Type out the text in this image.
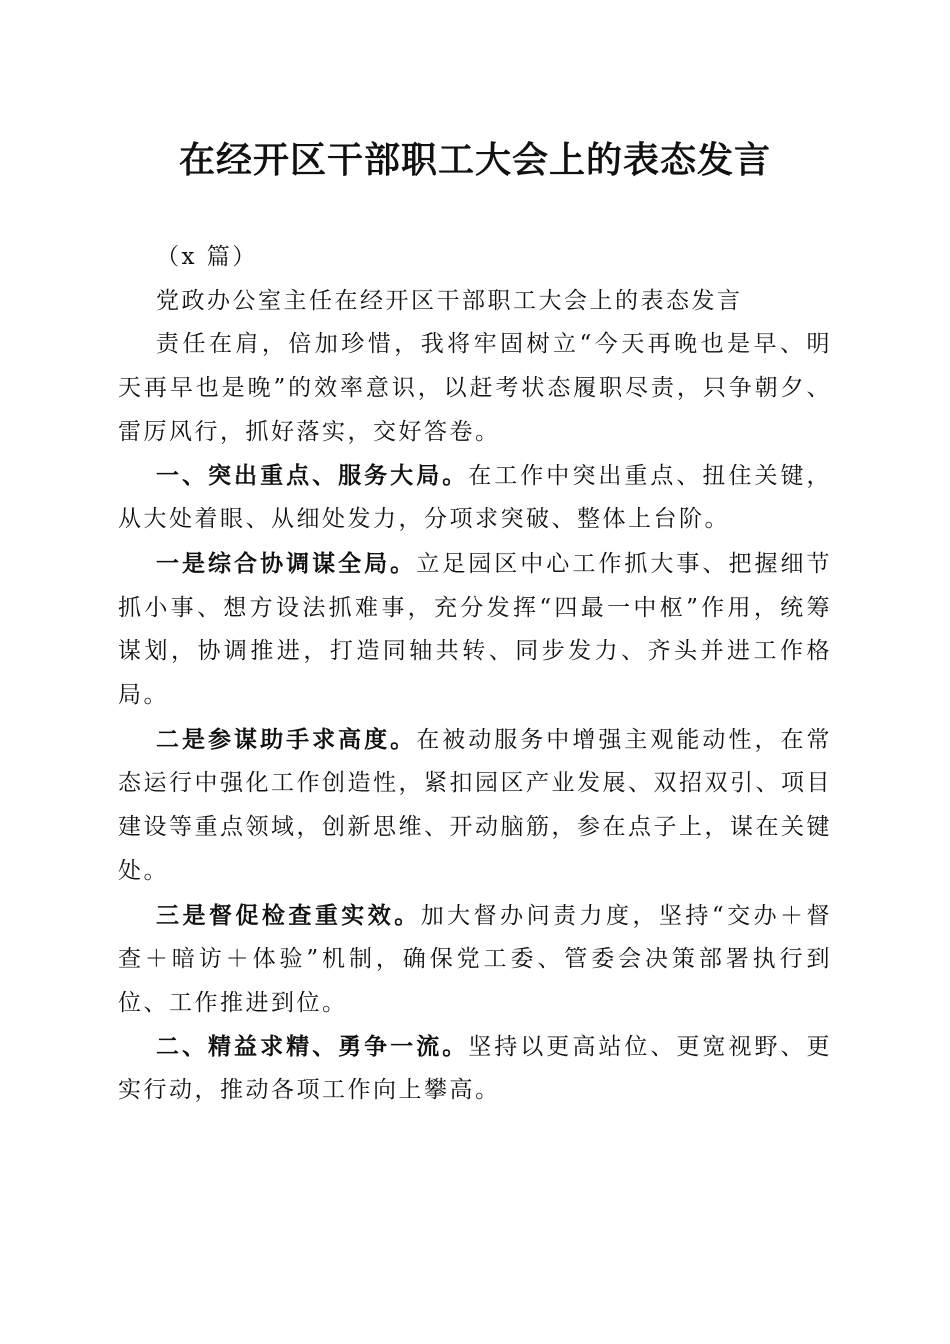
在经开区干部职工大会上的表态发言

（x 篇）

党政办公室主任在经开区干部职工大会上的表态发言

责任在肩，倍加珍惜，我将牢固树立“今天再晚也是早、明天再早也是晚”的效率意识，以赶考状态履职尽责，只争朝夕、雷厉风行，抓好落实，交好答卷。

一、突出重点、服务大局。在工作中突出重点、扭住关键，从大处着眼、从细处发力，分项求突破、整体上台阶。

一是综合协调谋全局。立足园区中心工作抓大事、把握细节抓小事、想方设法抓难事，充分发挥“四最一中枢”作用，统筹谋划，协调推进，打造同轴共转、同步发力、齐头并进工作格局。

二是参谋助手求高度。在被动服务中增强主观能动性，在常态运行中强化工作创造性，紧扣园区产业发展、双招双引、项目建设等重点领域，创新思维、开动脑筋，参在点子上，谋在关键处。

三是督促检查重实效。加大督办问责力度，坚持“交办＋督查＋暗访＋体验”机制，确保党工委、管委会决策部署执行到位、工作推进到位。

二、精益求精、勇争一流。坚持以更高站位、更宽视野、更实行动，推动各项工作向上攀高。
